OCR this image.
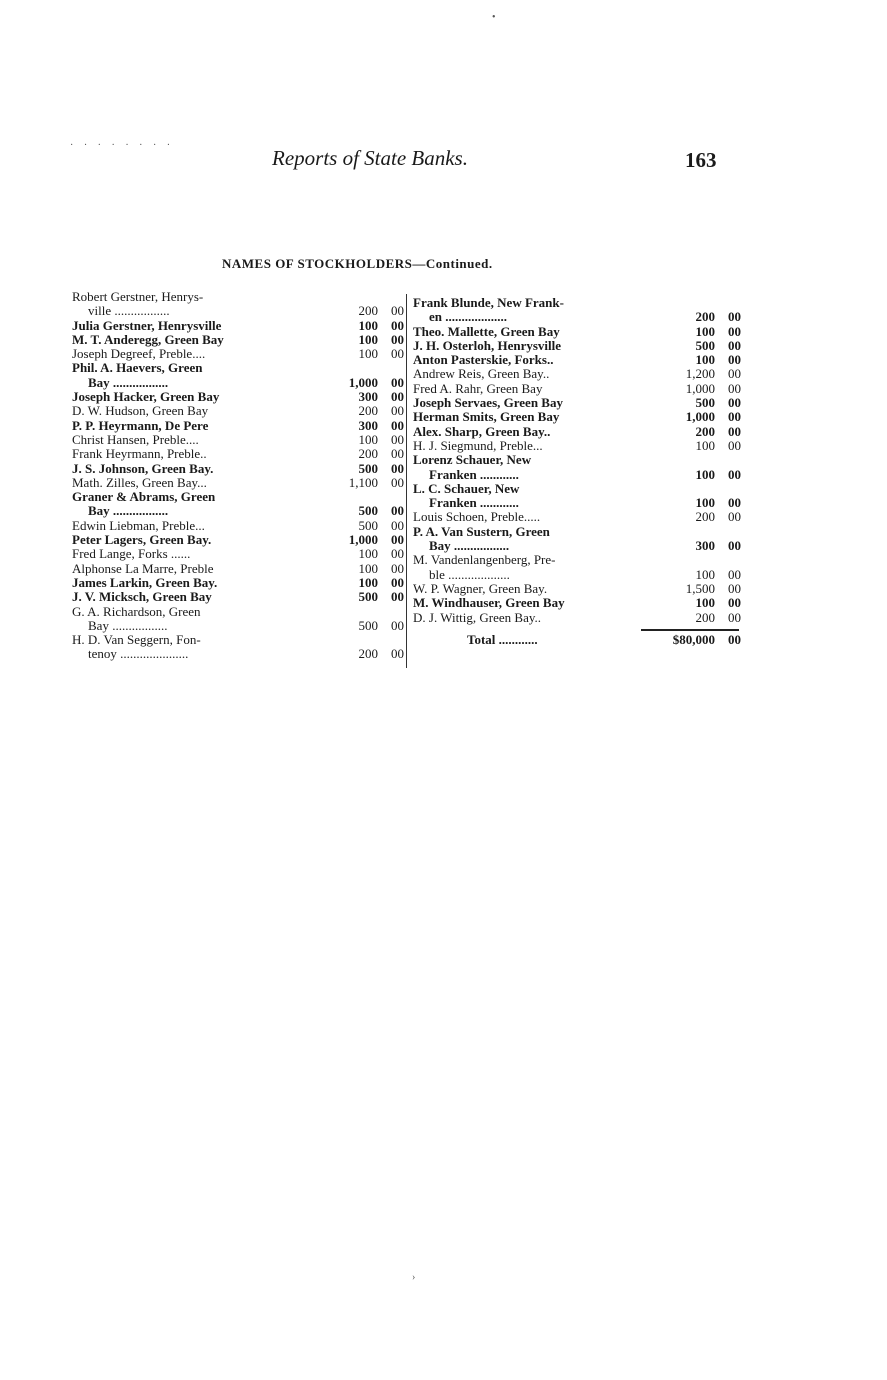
•
· · · · · · · ·
›
Reports of State Banks.	163
NAMES OF STOCKHOLDERS—Continued.
Robert Gerstner, Henrys-
ville .................	200	00
Julia Gerstner, Henrysville	100	00
M. T. Anderegg, Green Bay	100	00
Joseph Degreef, Preble....	100	00
Phil. A. Haevers, Green
Bay .................	1,000	00
Joseph Hacker, Green Bay	300	00
D. W. Hudson, Green Bay	200	00
P. P. Heyrmann, De Pere	300	00
Christ Hansen, Preble....	100	00
Frank Heyrmann, Preble..	200	00
J. S. Johnson, Green Bay.	500	00
Math. Zilles, Green Bay...	1,100	00
Graner & Abrams, Green
Bay .................	500	00
Edwin Liebman, Preble...	500	00
Peter Lagers, Green Bay.	1,000	00
Fred Lange, Forks ......	100	00
Alphonse La Marre, Preble	100	00
James Larkin, Green Bay.	100	00
J. V. Micksch, Green Bay	500	00
G. A. Richardson, Green
Bay .................	500	00
H. D. Van Seggern, Fon-
tenoy .....................	200	00
Frank Blunde, New Frank-
en ...................	200	00
Theo. Mallette, Green Bay	100	00
J. H. Osterloh, Henrysville	500	00
Anton Pasterskie, Forks..	100	00
Andrew Reis, Green Bay..	1,200	00
Fred A. Rahr, Green Bay	1,000	00
Joseph Servaes, Green Bay	500	00
Herman Smits, Green Bay	1,000	00
Alex. Sharp, Green Bay..	200	00
H. J. Siegmund, Preble...	100	00
Lorenz Schauer, New
Franken ............	100	00
L. C. Schauer, New
Franken ............	100	00
Louis Schoen, Preble.....	200	00
P. A. Van Sustern, Green
Bay .................	300	00
M. Vandenlangenberg, Pre-
ble ...................	100	00
W. P. Wagner, Green Bay.	1,500	00
M. Windhauser, Green Bay	100	00
D. J. Wittig, Green Bay..	200	00
Total ............	$80,000	00
